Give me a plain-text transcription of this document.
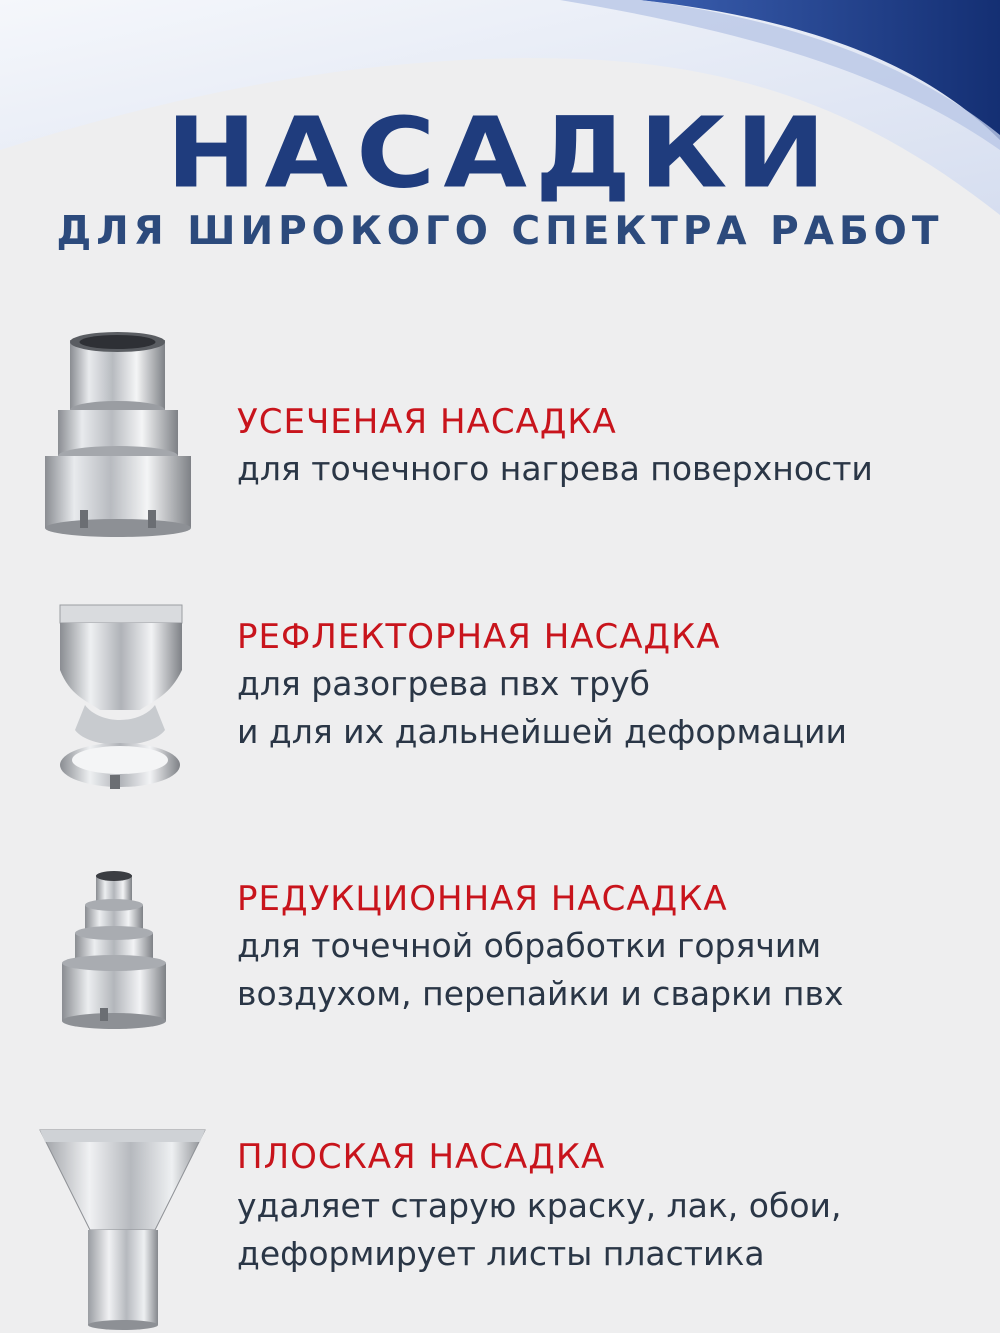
НАСАДКИ
ДЛЯ ШИРОКОГО СПЕКТРА РАБОТ
УСЕЧЕНАЯ НАСАДКА
для точечного нагрева поверхности
РЕФЛЕКТОРНАЯ НАСАДКА
для разогрева пвх труб
и для их дальнейшей деформации
РЕДУКЦИОННАЯ НАСАДКА
для точечной обработки горячим
воздухом, перепайки и сварки пвх
ПЛОСКАЯ НАСАДКА
удаляет старую краску, лак, обои,
деформирует листы пластика
